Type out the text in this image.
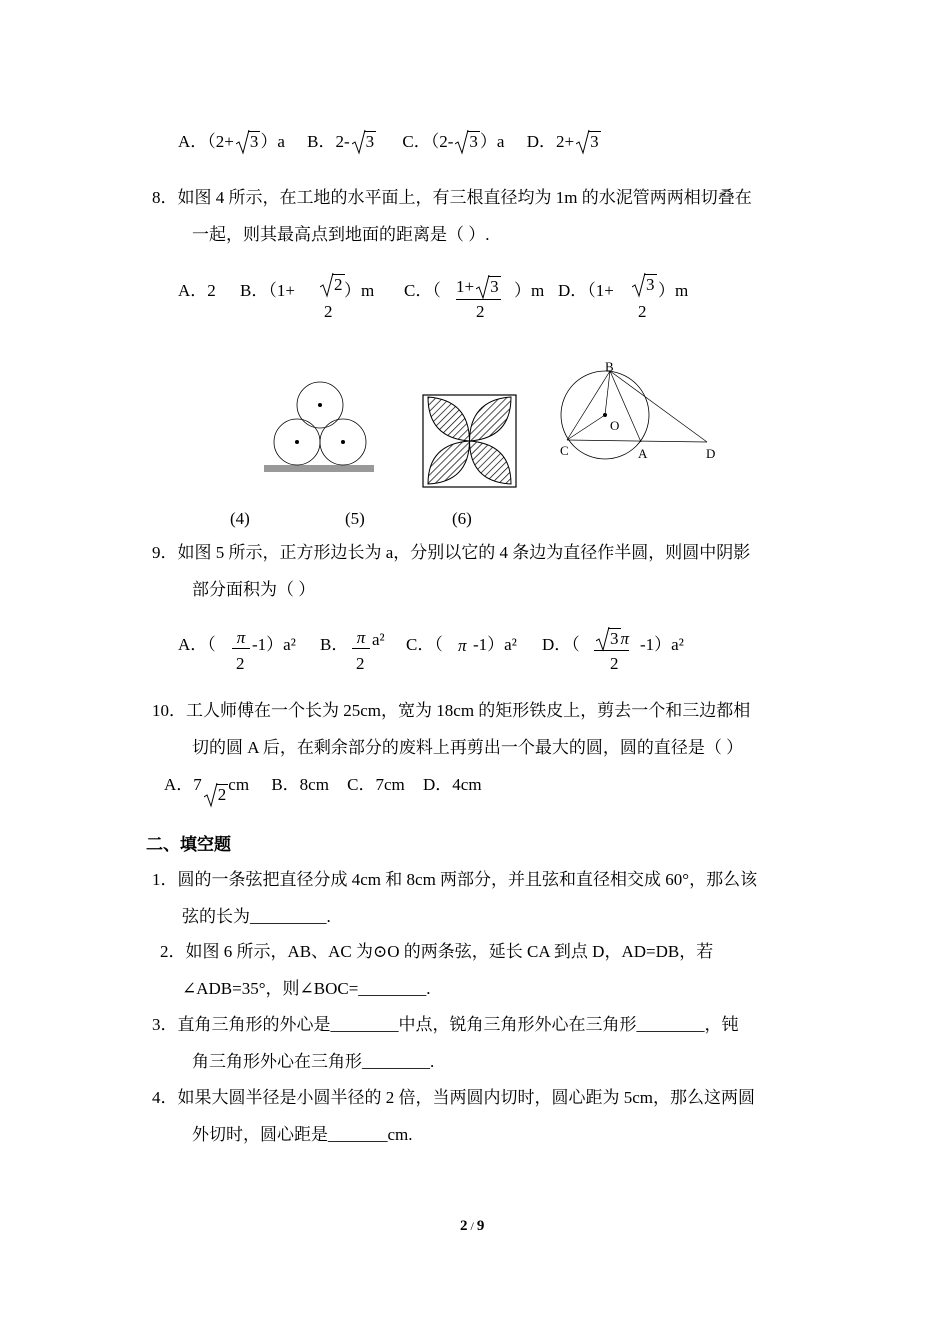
A．（2+ 3 ）a B．2- 3 C．（2- 3 ）a D．2+ 3
8．如图 4 所示，在工地的水平面上，有三根直径均为 1m 的水泥管两两相切叠在
一起，则其最高点到地面的距离是（ ）.
A．2 B．（1+	2
2
）m C．（ 1+ 3
2
）m D．（1+	3
2
）m
B
O
C	A	D
(4)	(5)	(6)
9．如图 5 所示，正方形边长为 a，分别以它的 4 条边为直径作半圆，则圆中阴影
部分面积为（ ）
A．（ π
2
-1）a² B． π
2
a² C．（ π -1）a² D．（	3 π
2
-1）a²
10．工人师傅在一个长为 25cm，宽为 18cm 的矩形铁皮上，剪去一个和三边都相
切的圆 A 后，在剩余部分的废料上再剪出一个最大的圆，圆的直径是（ ）
A．7
2cm B．8cm C．7cm D．4cm
二、填空题
1．圆的一条弦把直径分成 4cm 和 8cm 两部分，并且弦和直径相交成 60°，那么该
弦的长为_________.
2．如图 6 所示，AB、AC 为⊙O 的两条弦，延长 CA 到点 D，AD=DB，若
∠ADB=35°，则∠BOC=________.
3．直角三角形的外心是________中点，锐角三角形外心在三角形________，钝
角三角形外心在三角形________.
4．如果大圆半径是小圆半径的 2 倍，当两圆内切时，圆心距为 5cm，那么这两圆
外切时，圆心距是_______cm.
2 / 9
